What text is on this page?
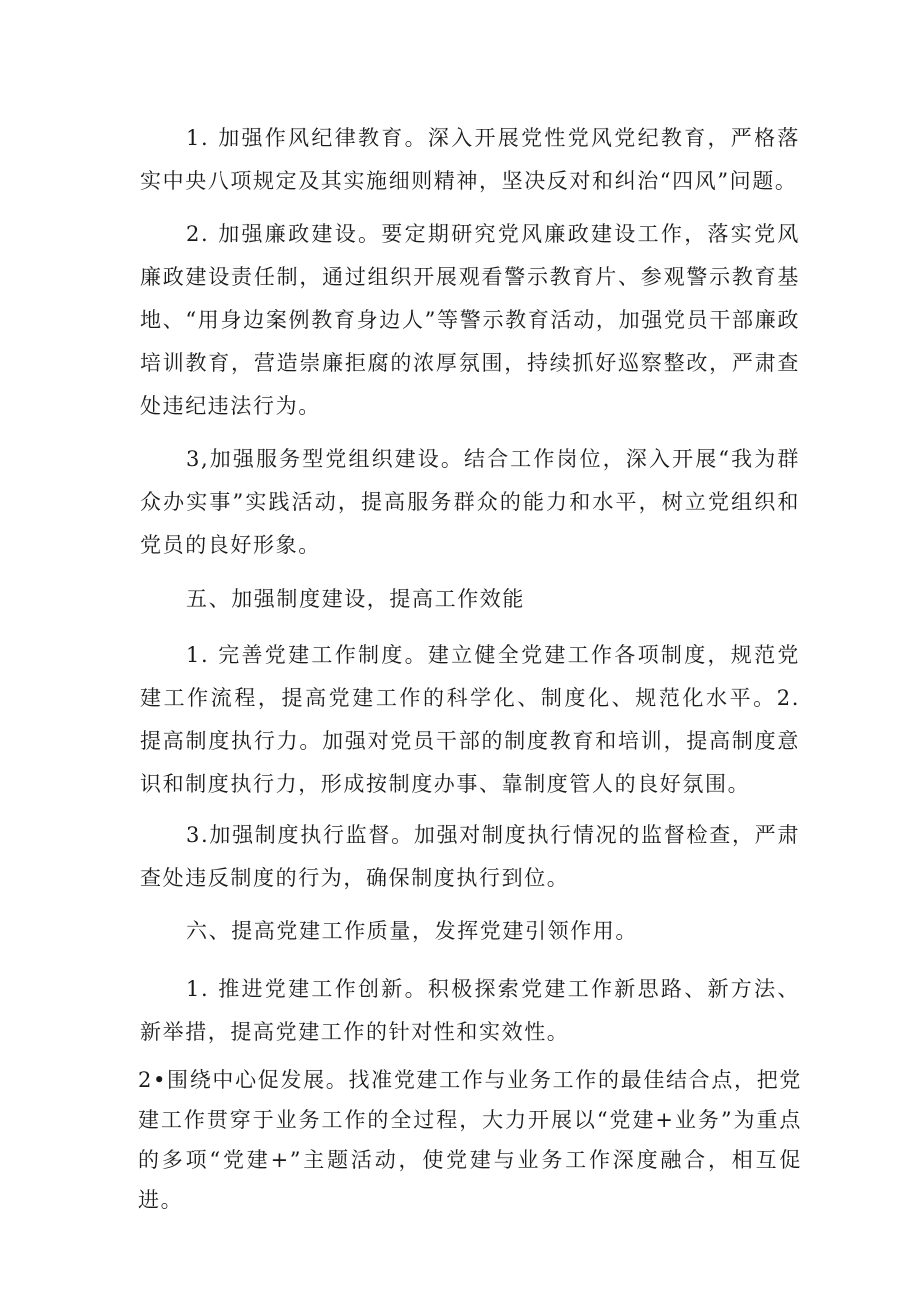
1. 加强作风纪律教育。深入开展党性党风党纪教育，严格落实中央八项规定及其实施细则精神，坚决反对和纠治“四风”问题。

2. 加强廉政建设。要定期研究党风廉政建设工作，落实党风廉政建设责任制，通过组织开展观看警示教育片、参观警示教育基地、“用身边案例教育身边人”等警示教育活动，加强党员干部廉政培训教育，营造崇廉拒腐的浓厚氛围，持续抓好巡察整改，严肃查处违纪违法行为。

3,加强服务型党组织建设。结合工作岗位，深入开展“我为群众办实事”实践活动，提高服务群众的能力和水平，树立党组织和党员的良好形象。

五、加强制度建设，提高工作效能

1. 完善党建工作制度。建立健全党建工作各项制度，规范党建工作流程，提高党建工作的科学化、制度化、规范化水平。2. 提高制度执行力。加强对党员干部的制度教育和培训，提高制度意识和制度执行力，形成按制度办事、靠制度管人的良好氛围。

3.加强制度执行监督。加强对制度执行情况的监督检查，严肃查处违反制度的行为，确保制度执行到位。

六、提高党建工作质量，发挥党建引领作用。

1. 推进党建工作创新。积极探索党建工作新思路、新方法、新举措，提高党建工作的针对性和实效性。

2•围绕中心促发展。找准党建工作与业务工作的最佳结合点，把党建工作贯穿于业务工作的全过程，大力开展以“党建+业务”为重点的多项“党建+”主题活动，使党建与业务工作深度融合，相互促进。
